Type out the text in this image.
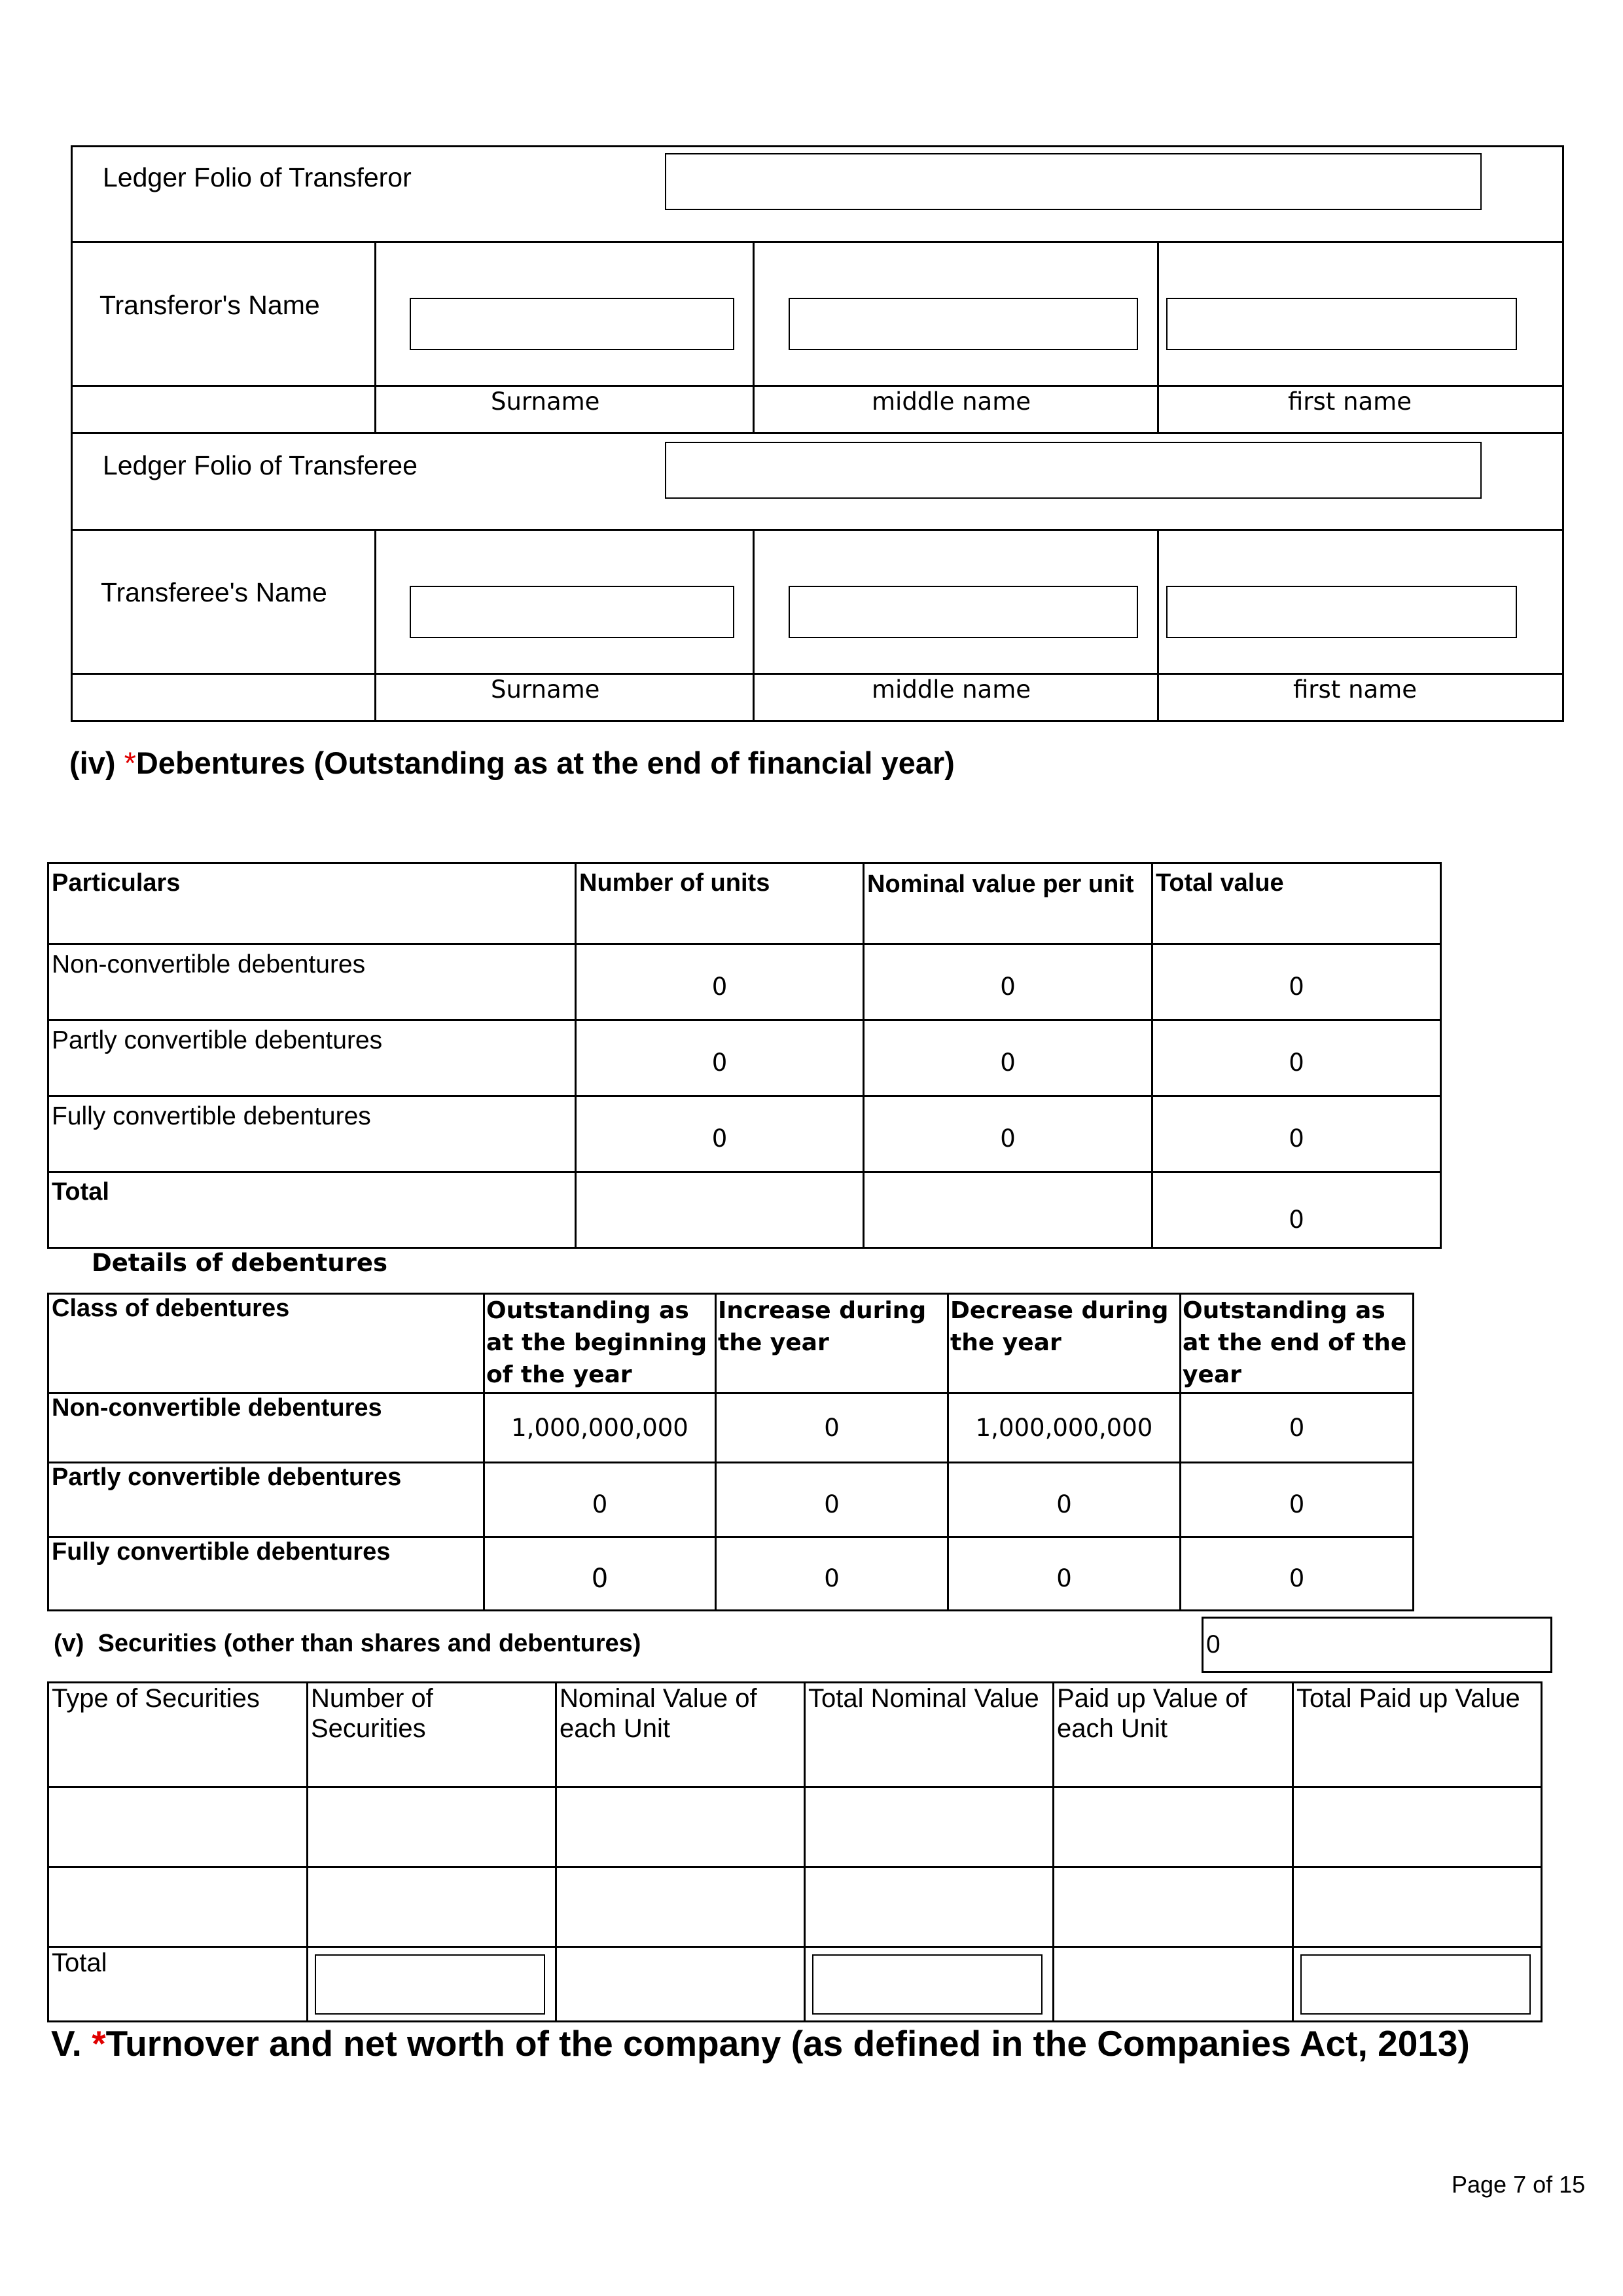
Ledger Folio of Transferor
Transferor's Name
Surname	middle name	first name
Ledger Folio of Transferee
Transferee's Name
Surname	middle name	first name
(iv) *Debentures (Outstanding as at the end of financial year)
Particulars	Number of units	Nominal value per unit	Total value
Non-convertible debentures	0	0	0
Partly convertible debentures	0	0	0
Fully convertible debentures	0	0	0
Total			0
Details of debentures
Class of debentures	Outstanding as at the beginning of the year	Increase during the year	Decrease during the year	Outstanding as at the end of the year
Non-convertible debentures	1,000,000,000	0	1,000,000,000	0
Partly convertible debentures	0	0	0	0
Fully convertible debentures	0	0	0	0
(v)  Securities (other than shares and debentures)	0
Type of Securities	Number of Securities	Nominal Value of each Unit	Total Nominal Value	Paid up Value of each Unit	Total Paid up Value

Total	

V. *Turnover and net worth of the company (as defined in the Companies Act, 2013)
Page 7 of 15
